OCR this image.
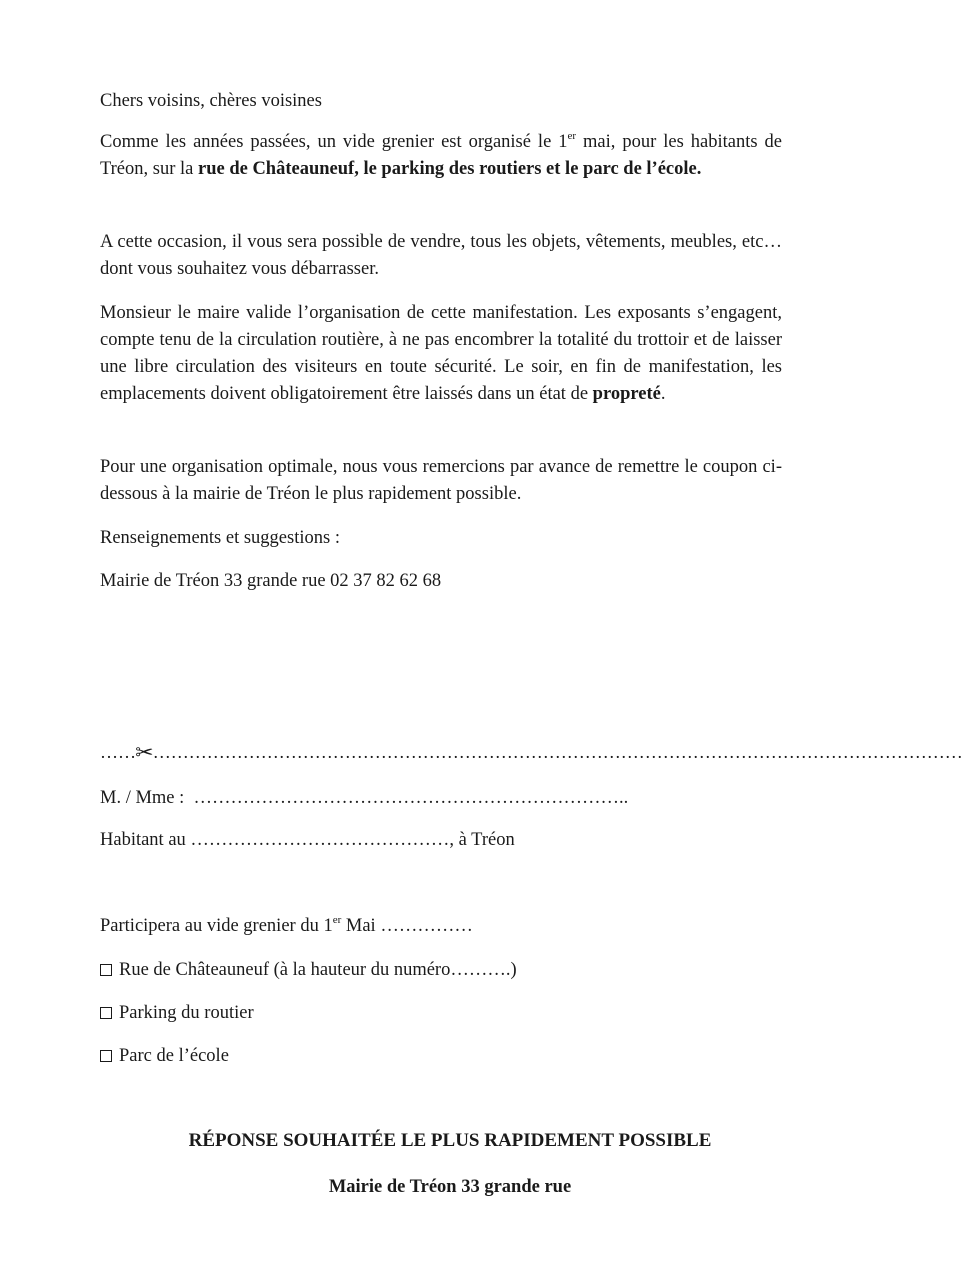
Chers voisins, chères voisines

Comme les années passées, un vide grenier est organisé le 1er mai, pour les habitants de Tréon, sur la rue de Châteauneuf, le parking des routiers et le parc de l’école.

A cette occasion, il vous sera possible de vendre, tous les objets, vêtements, meubles, etc… dont vous souhaitez vous débarrasser.

Monsieur le maire valide l’organisation de cette manifestation. Les exposants s’engagent, compte tenu de la circulation routière, à ne pas encombrer la totalité du trottoir et de laisser une libre circulation des visiteurs en toute sécurité. Le soir, en fin de manifestation, les emplacements doivent obligatoirement être laissés dans un état de propreté.

Pour une organisation optimale, nous vous remercions par avance de remettre le coupon ci-dessous à la mairie de Tréon le plus rapidement possible.

Renseignements et suggestions :

Mairie de Tréon 33 grande rue 02 37 82 62 68

……✂………………………………………………………………………………………………………………………

M. / Mme : ……………………………………………………………..

Habitant au ……………………………………, à Tréon

Participera au vide grenier du 1er Mai ……………

Rue de Châteauneuf (à la hauteur du numéro……….)

Parking du routier

Parc de l’école

RÉPONSE SOUHAITÉE LE PLUS RAPIDEMENT POSSIBLE
Mairie de Tréon 33 grande rue
